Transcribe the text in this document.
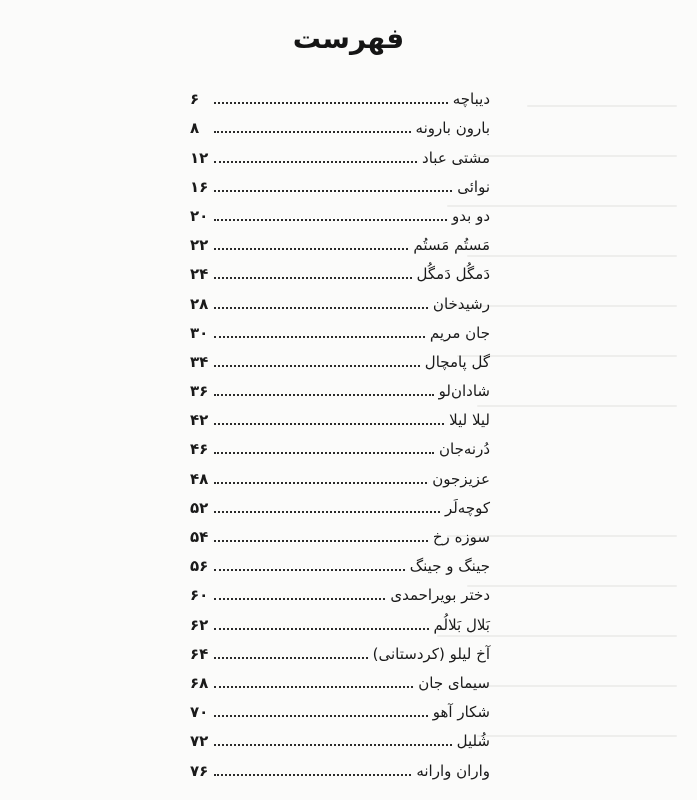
فهرست
دیباچه
۶
بارون بارونه
۸
مشتی عباد
۱۲
نوائی
۱۶
دو بدو
۲۰
مَستُم مَستُم
۲۲
دَمگُل دَمگُل
۲۴
رشیدخان
۲۸
جان مریم
۳۰
گل پامچال
۳۴
شادان‌لو
۳۶
لیلا لیلا
۴۲
دُرنه‌جان
۴۶
عزیزجون
۴۸
کوچه‌لَر
۵۲
سوزه رخ
۵۴
جینگ و جینگ
۵۶
دختر بویراحمدی
۶۰
بَلال بَلالُم
۶۲
آخ لیلو (کردستانی)
۶۴
سیمای جان
۶۸
شکار آهو
۷۰
شُلیل
۷۲
واران وارانه
۷۶
